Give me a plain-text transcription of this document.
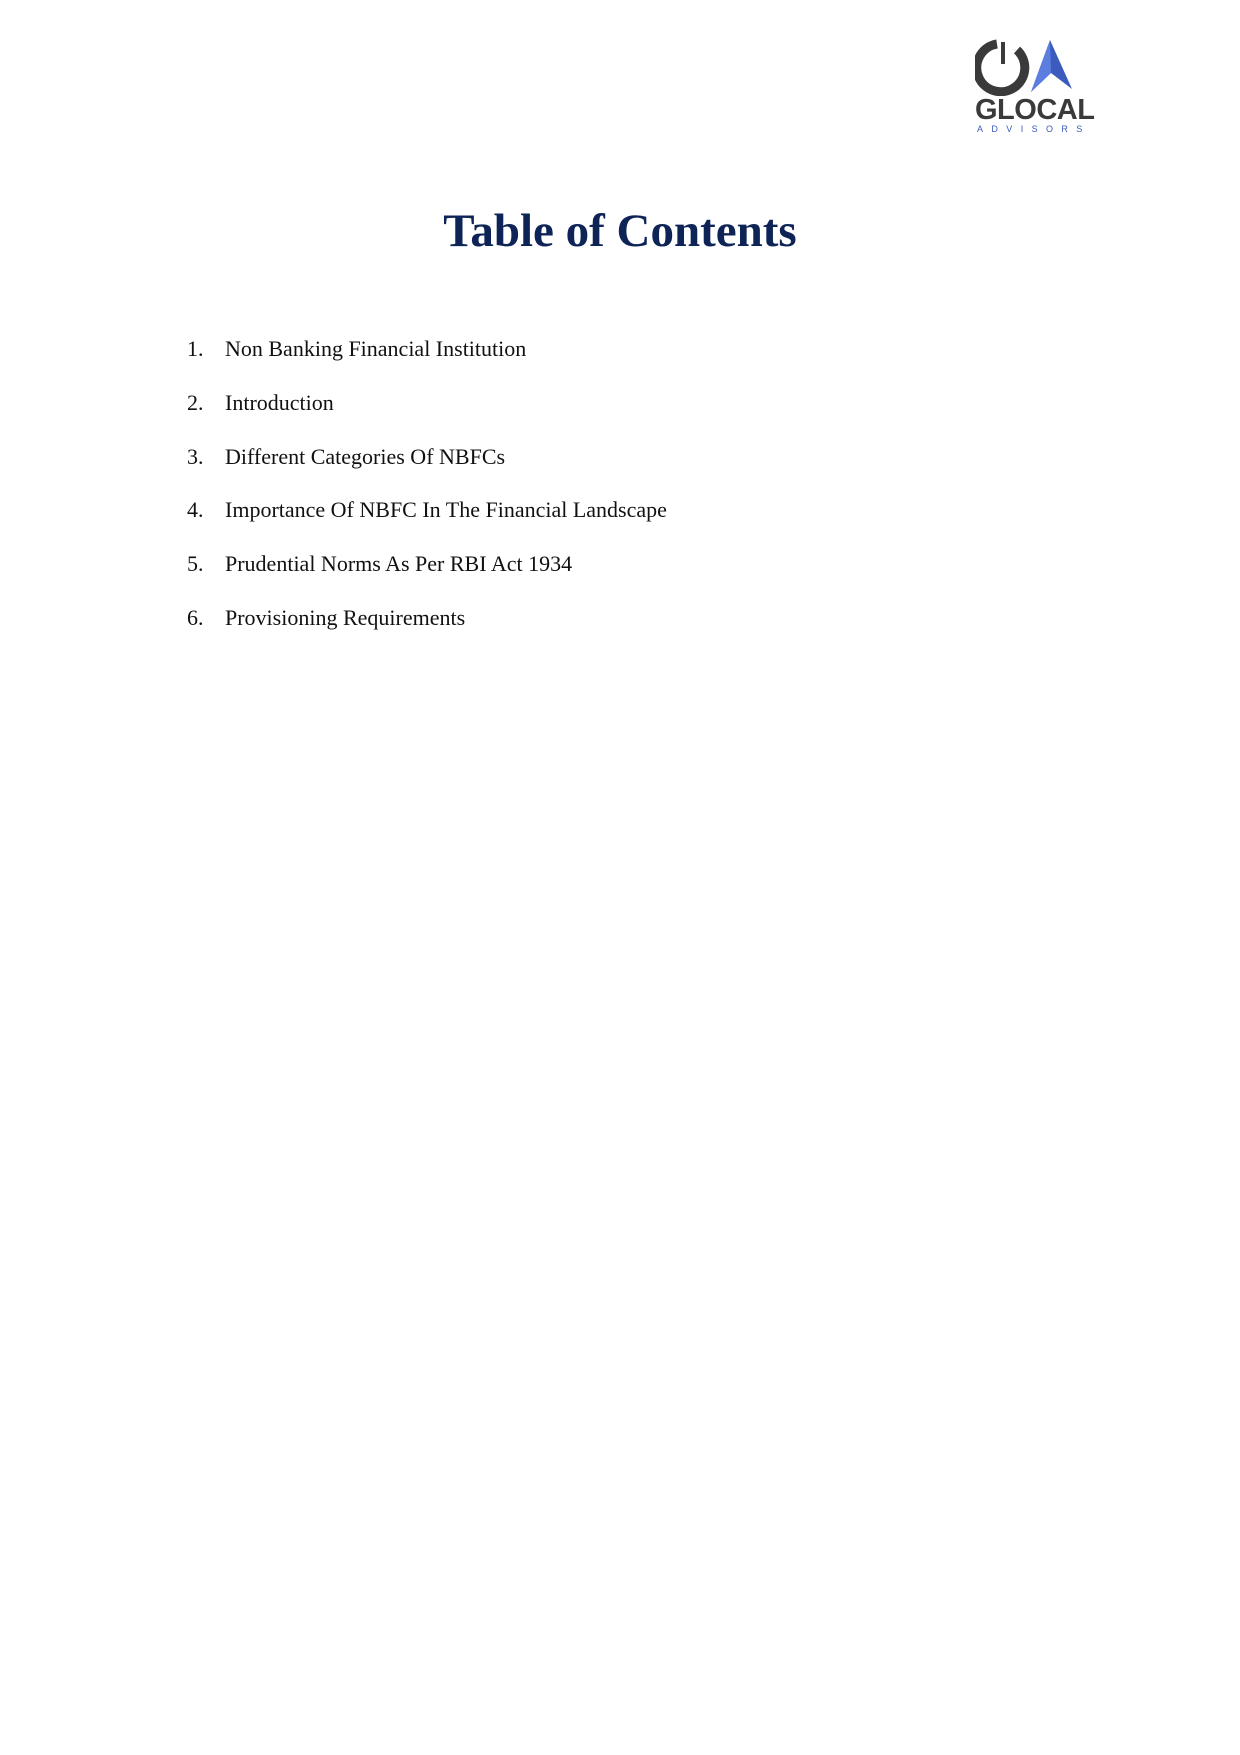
GLOCAL
ADVISORS
Table of Contents
1. Non Banking Financial Institution
2. Introduction
3. Different Categories Of NBFCs
4. Importance Of NBFC In The Financial Landscape
5. Prudential Norms As Per RBI Act 1934
6. Provisioning Requirements
